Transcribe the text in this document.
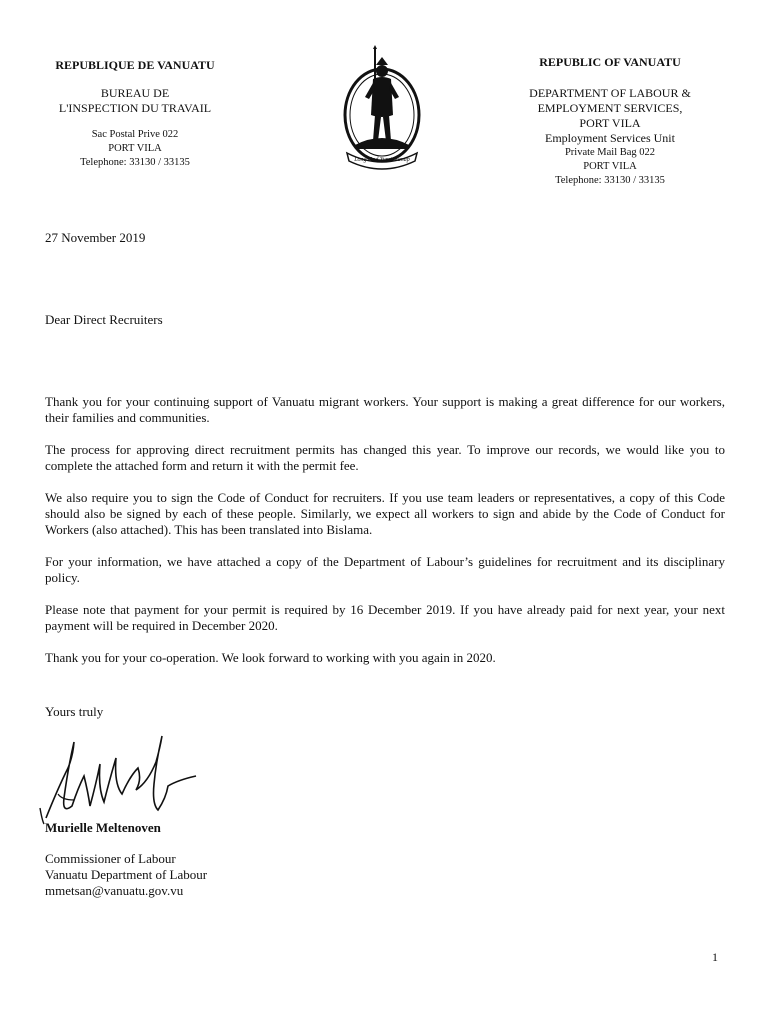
REPUBLIQUE DE VANUATU
BUREAU DE
L'INSPECTION DU TRAVAIL
Sac Postal Prive 022
PORT VILA
Telephone: 33130 / 33135	Long God Yumi Stanap
REPUBLIC OF VANUATU
DEPARTMENT OF LABOUR &
EMPLOYMENT SERVICES,
PORT VILA
Employment Services Unit
Private Mail Bag 022
PORT VILA
Telephone: 33130 / 33135
27 November 2019
Dear Direct Recruiters

Thank you for your continuing support of Vanuatu migrant workers. Your support is making a great difference for our workers, their families and communities.

The process for approving direct recruitment permits has changed this year. To improve our records, we would like you to complete the attached form and return it with the permit fee.

We also require you to sign the Code of Conduct for recruiters. If you use team leaders or representatives, a copy of this Code should also be signed by each of these people. Similarly, we expect all workers to sign and abide by the Code of Conduct for Workers (also attached). This has been translated into Bislama.

For your information, we have attached a copy of the Department of Labour’s guidelines for recruitment and its disciplinary policy.

Please note that payment for your permit is required by 16 December 2019. If you have already paid for next year, your next payment will be required in December 2020.

Thank you for your co-operation. We look forward to working with you again in 2020.

Yours truly
Murielle Meltenoven
Commissioner of Labour
Vanuatu Department of Labour
mmetsan@vanuatu.gov.vu
1
